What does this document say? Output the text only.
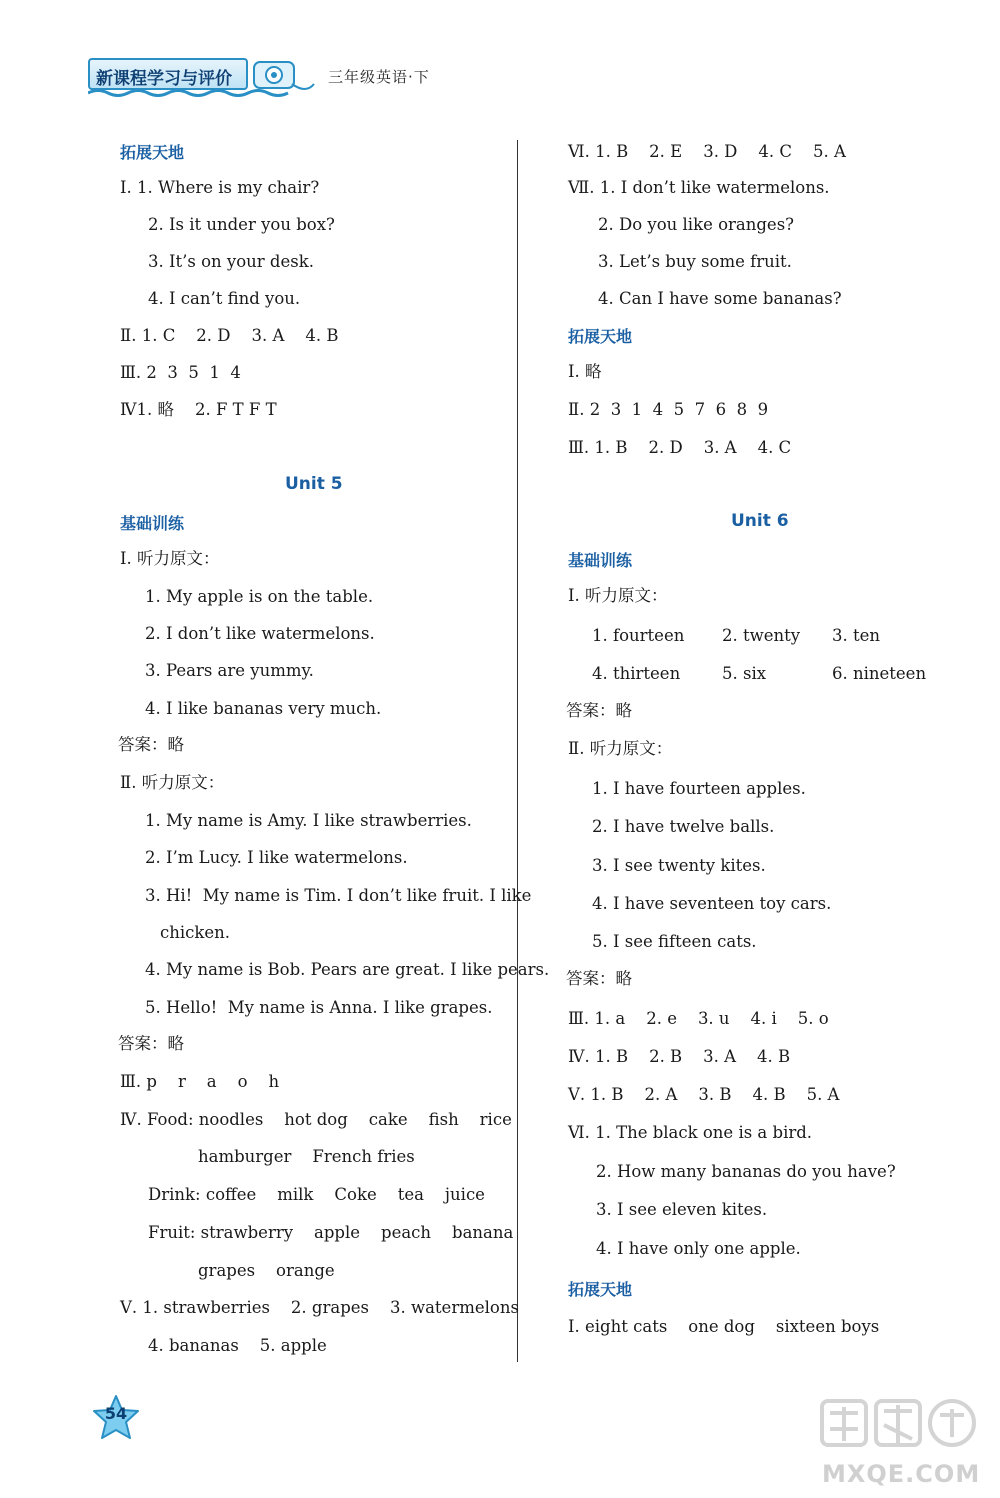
新课程学习与评价	三年级英语·下
拓展天地
Ⅰ. 1. Where is my chair?
2. Is it under you box?
3. It’s on your desk.
4. I can’t find you.
Ⅱ. 1. C    2. D    3. A    4. B
Ⅲ. 2  3  5  1  4
Ⅳ1. 略    2. F T F T
Unit 5
基础训练
Ⅰ. 听力原文：
1. My apple is on the table.
2. I don’t like watermelons.
3. Pears are yummy.
4. I like bananas very much.
答案：略
Ⅱ. 听力原文：
1. My name is Amy. I like strawberries.
2. I’m Lucy. I like watermelons.
3. Hi!  My name is Tim. I don’t like fruit. I like
chicken.
4. My name is Bob. Pears are great. I like pears.
5. Hello!  My name is Anna. I like grapes.
答案：略
Ⅲ. p    r    a    o    h
Ⅳ. Food: noodles    hot dog    cake    fish    rice
hamburger    French fries
Drink: coffee    milk    Coke    tea    juice
Fruit: strawberry    apple    peach    banana
grapes    orange
Ⅴ. 1. strawberries    2. grapes    3. watermelons
4. bananas    5. apple
Ⅵ. 1. B    2. E    3. D    4. C    5. A
Ⅶ. 1. I don’t like watermelons.
2. Do you like oranges?
3. Let’s buy some fruit.
4. Can I have some bananas?
拓展天地
Ⅰ. 略
Ⅱ. 2  3  1  4  5  7  6  8  9
Ⅲ. 1. B    2. D    3. A    4. C
Unit 6
基础训练
Ⅰ. 听力原文：
1. fourteen 2. twenty 3. ten
4. thirteen	5. six	6. nineteen
答案：略
Ⅱ. 听力原文：
1. I have fourteen apples.
2. I have twelve balls.
3. I see twenty kites.
4. I have seventeen toy cars.
5. I see fifteen cats.
答案：略
Ⅲ. 1. a    2. e    3. u    4. i    5. o
Ⅳ. 1. B    2. B    3. A    4. B
Ⅴ. 1. B    2. A    3. B    4. B    5. A
Ⅵ. 1. The black one is a bird.
2. How many bananas do you have?
3. I see eleven kites.
4. I have only one apple.
拓展天地
Ⅰ. eight cats    one dog    sixteen boys
54
MXQE.COM
